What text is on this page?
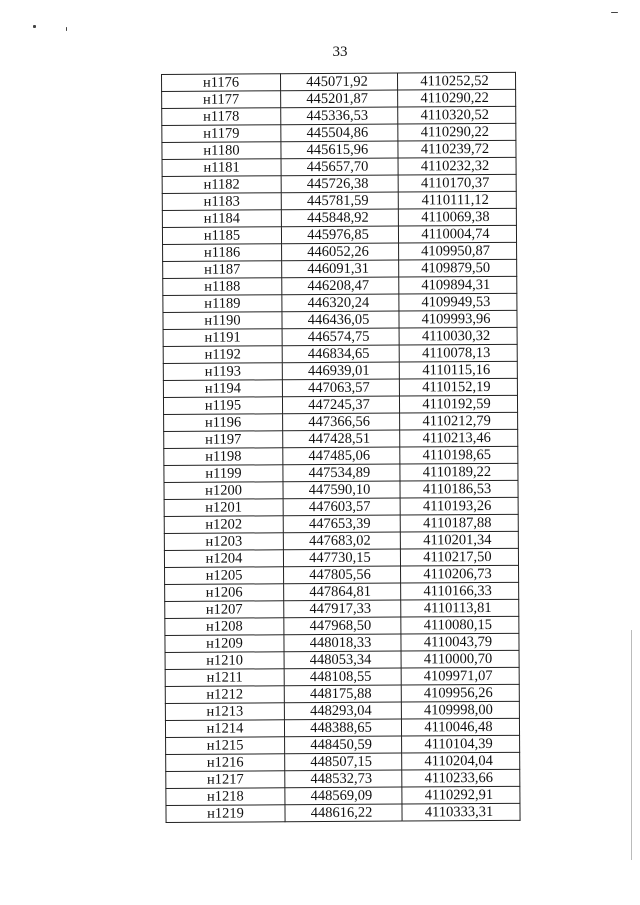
33
н1176	445071,92	4110252,52
н1177	445201,87	4110290,22
н1178	445336,53	4110320,52
н1179	445504,86	4110290,22
н1180	445615,96	4110239,72
н1181	445657,70	4110232,32
н1182	445726,38	4110170,37
н1183	445781,59	4110111,12
н1184	445848,92	4110069,38
н1185	445976,85	4110004,74
н1186	446052,26	4109950,87
н1187	446091,31	4109879,50
н1188	446208,47	4109894,31
н1189	446320,24	4109949,53
н1190	446436,05	4109993,96
н1191	446574,75	4110030,32
н1192	446834,65	4110078,13
н1193	446939,01	4110115,16
н1194	447063,57	4110152,19
н1195	447245,37	4110192,59
н1196	447366,56	4110212,79
н1197	447428,51	4110213,46
н1198	447485,06	4110198,65
н1199	447534,89	4110189,22
н1200	447590,10	4110186,53
н1201	447603,57	4110193,26
н1202	447653,39	4110187,88
н1203	447683,02	4110201,34
н1204	447730,15	4110217,50
н1205	447805,56	4110206,73
н1206	447864,81	4110166,33
н1207	447917,33	4110113,81
н1208	447968,50	4110080,15
н1209	448018,33	4110043,79
н1210	448053,34	4110000,70
н1211	448108,55	4109971,07
н1212	448175,88	4109956,26
н1213	448293,04	4109998,00
н1214	448388,65	4110046,48
н1215	448450,59	4110104,39
н1216	448507,15	4110204,04
н1217	448532,73	4110233,66
н1218	448569,09	4110292,91
н1219	448616,22	4110333,31
